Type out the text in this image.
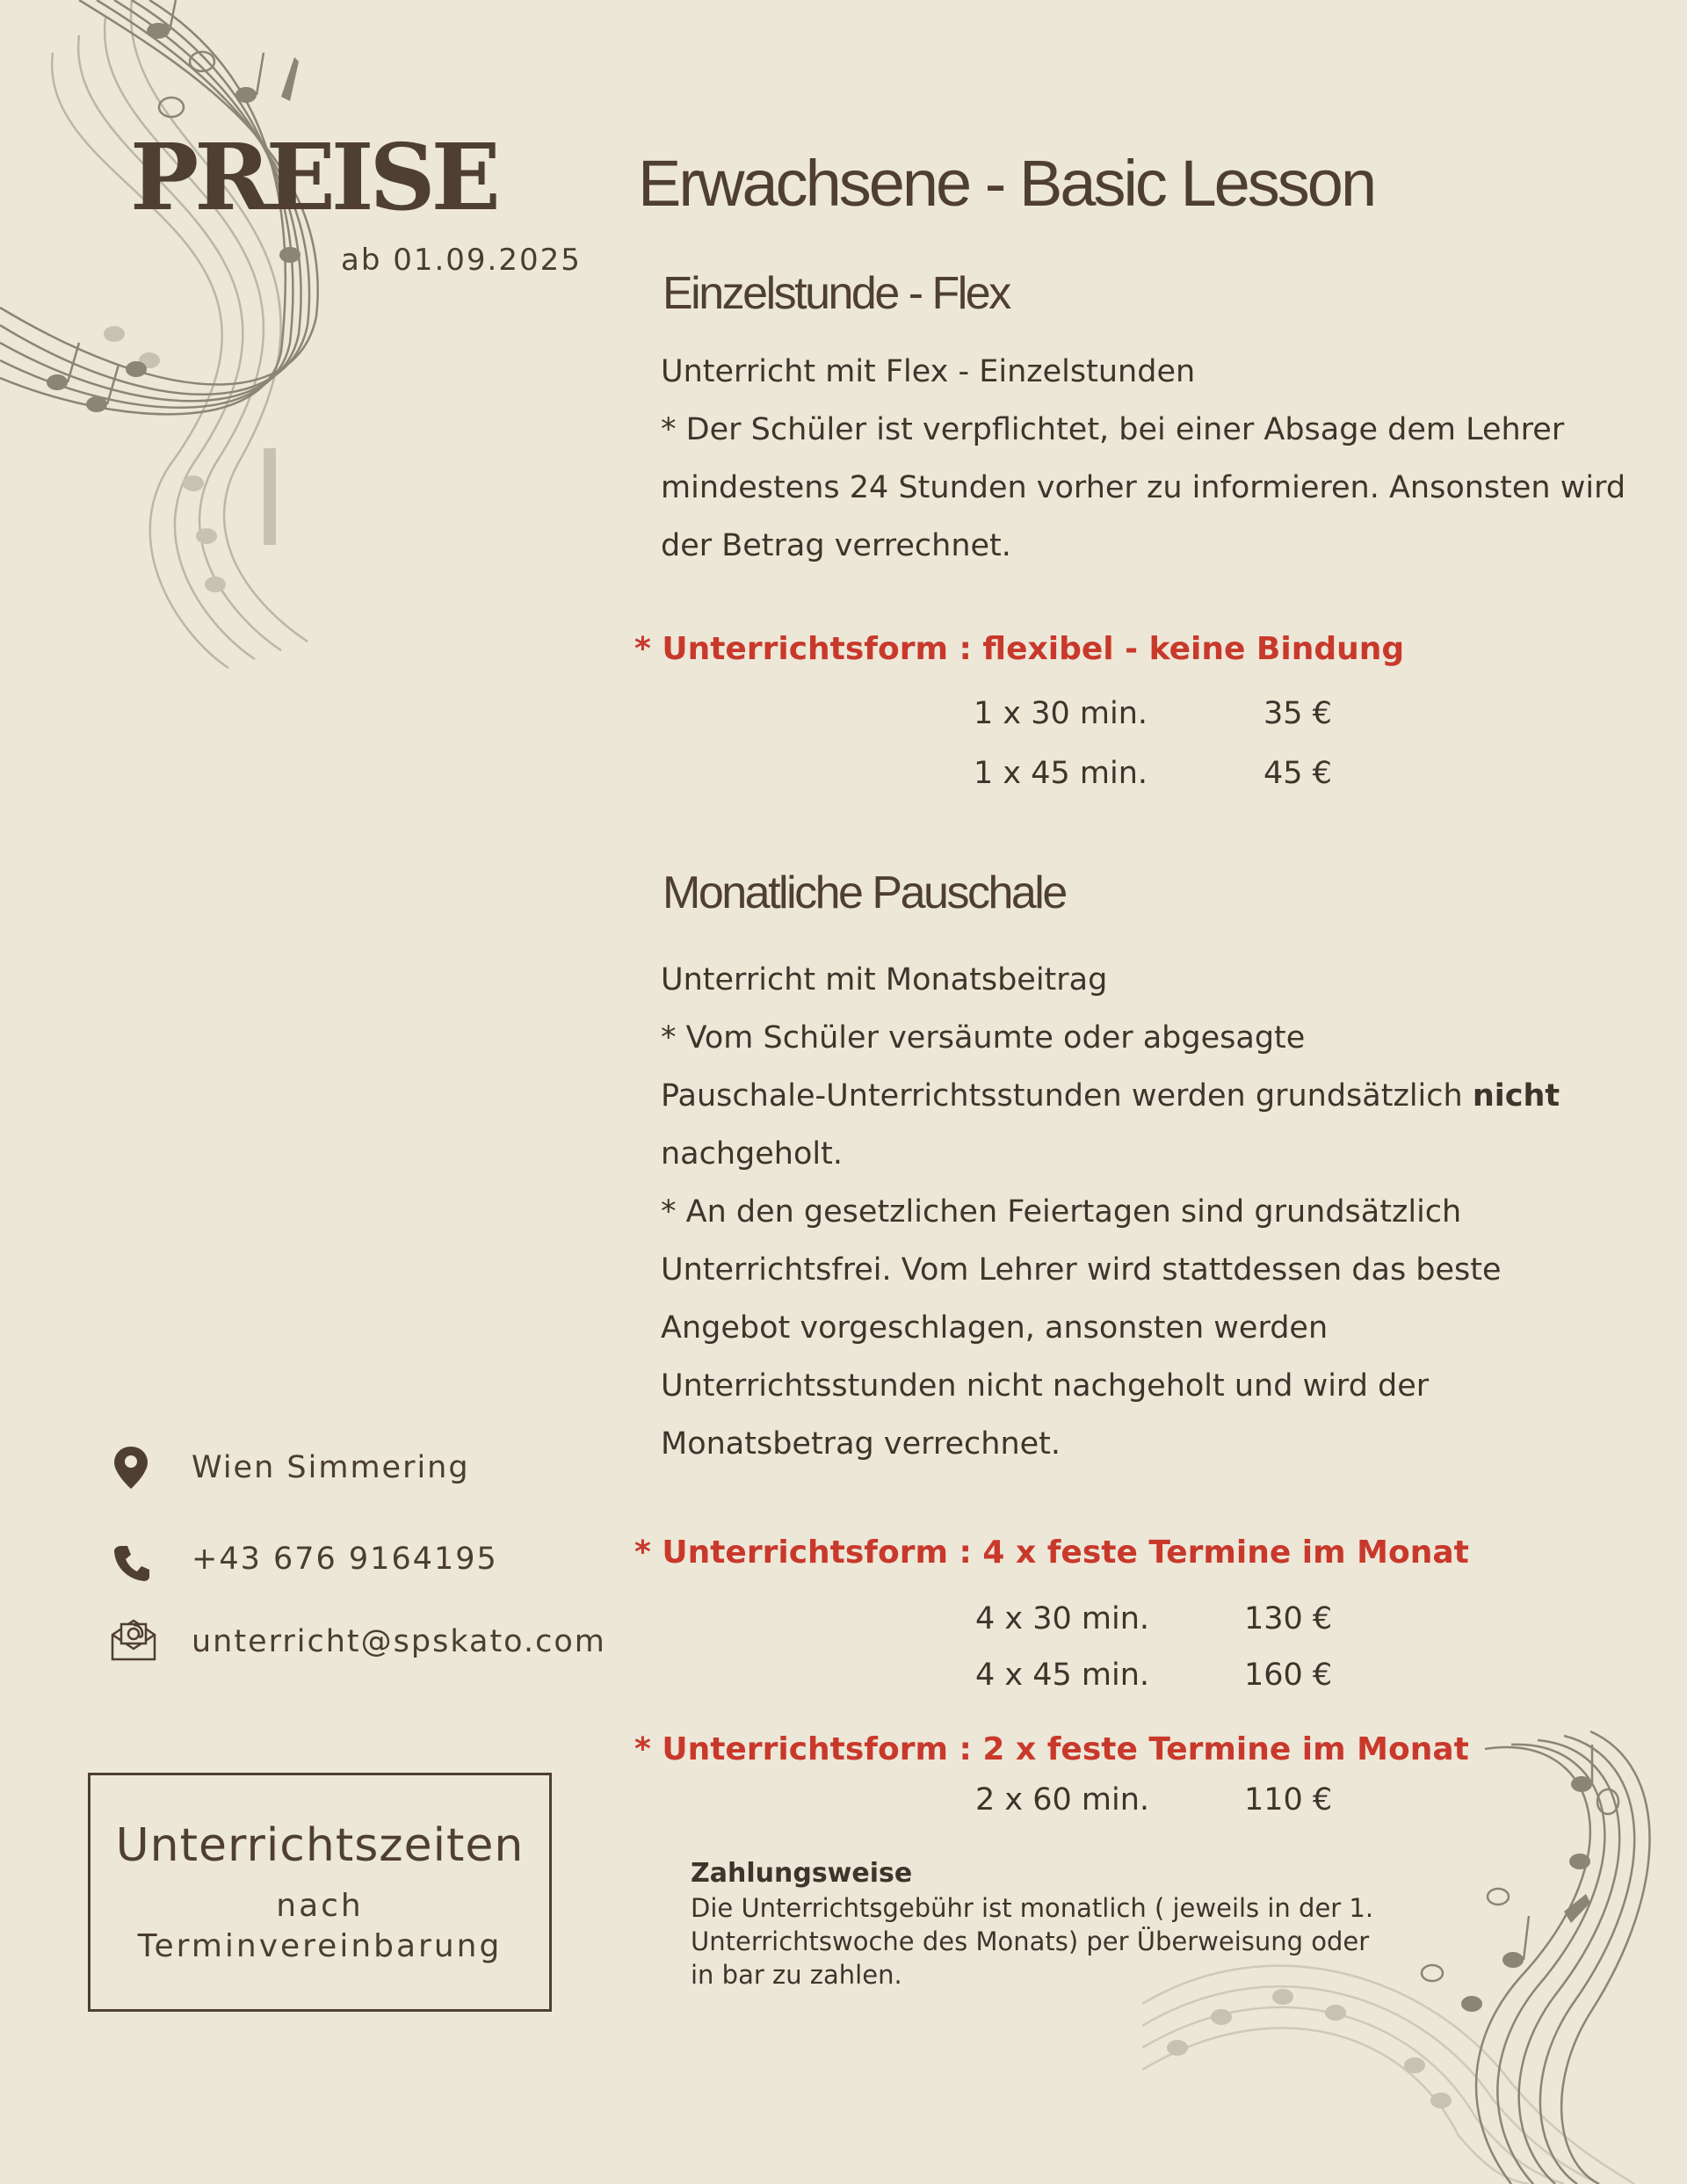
PREISE
ab 01.09.2025
Erwachsene - Basic Lesson
Einzelstunde - Flex
Unterricht mit Flex - Einzelstunden
* Der Schüler ist verpflichtet, bei einer Absage dem Lehrer
mindestens 24 Stunden vorher zu informieren. Ansonsten wird
der Betrag verrechnet.
* Unterrichtsform : flexibel - keine Bindung
1 x 30 min.	35 €
1 x 45 min.	45 €
Monatliche Pauschale
Unterricht mit Monatsbeitrag
* Vom Schüler versäumte oder abgesagte
Pauschale-Unterrichtsstunden werden grundsätzlich nicht
nachgeholt.
* An den gesetzlichen Feiertagen sind grundsätzlich
Unterrichtsfrei. Vom Lehrer wird stattdessen das beste
Angebot vorgeschlagen, ansonsten werden
Unterrichtsstunden nicht nachgeholt und wird der
Monatsbetrag verrechnet.
* Unterrichtsform : 4 x feste Termine im Monat
4 x 30 min.	130 €
4 x 45 min.	160 €
* Unterrichtsform : 2 x feste Termine im Monat
2 x 60 min.	110 €
Zahlungsweise
Die Unterrichtsgebühr ist monatlich ( jeweils in der 1.
Unterrichtswoche des Monats) per Überweisung oder
in bar zu zahlen.
Wien Simmering
+43 676 9164195
unterricht@spskato.com
Unterrichtszeiten
nach
Terminvereinbarung
